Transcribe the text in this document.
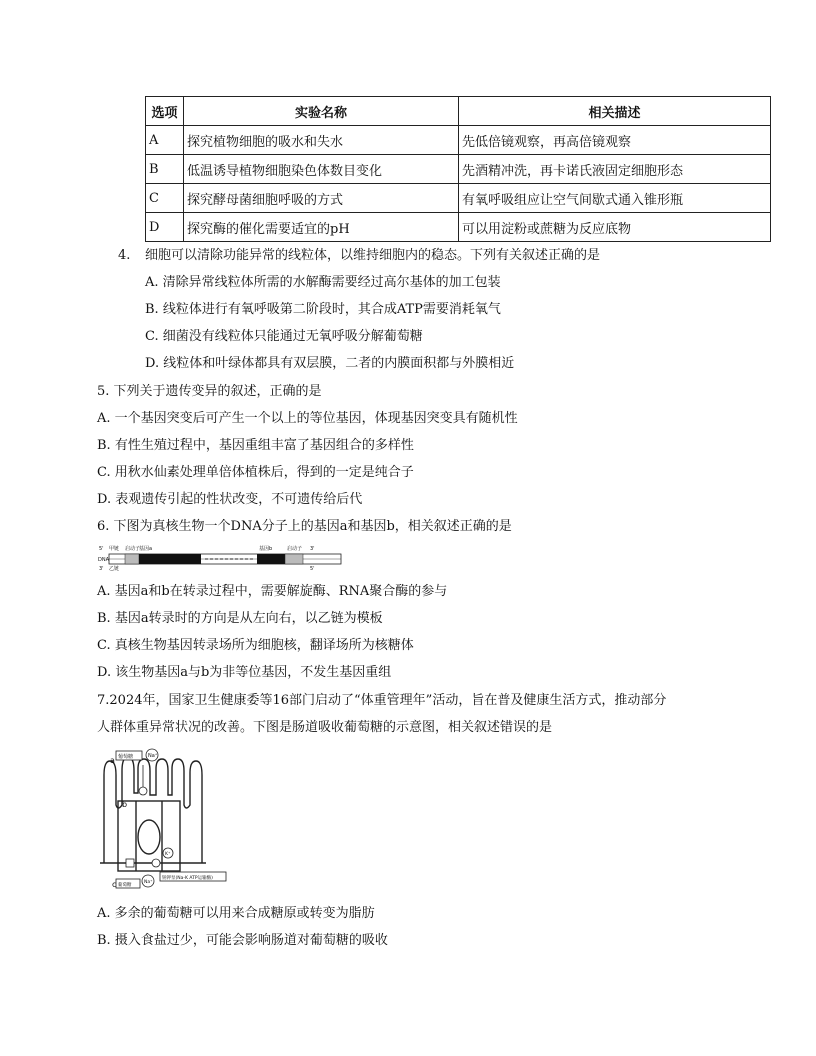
选项	实验名称	相关描述
A	探究植物细胞的吸水和失水	先低倍镜观察，再高倍镜观察
B	低温诱导植物细胞染色体数目变化	先酒精冲洗，再卡诺氏液固定细胞形态
C	探究酵母菌细胞呼吸的方式	有氧呼吸组应让空气间歇式通入锥形瓶
D	探究酶的催化需要适宜的pH	可以用淀粉或蔗糖为反应底物
4. 细胞可以清除功能异常的线粒体，以维持细胞内的稳态。下列有关叙述正确的是
A. 清除异常线粒体所需的水解酶需要经过高尔基体的加工包装
B. 线粒体进行有氧呼吸第二阶段时，其合成ATP需要消耗氧气
C. 细菌没有线粒体只能通过无氧呼吸分解葡萄糖
D. 线粒体和叶绿体都具有双层膜，二者的内膜面积都与外膜相近
5. 下列关于遗传变异的叙述，正确的是
A. 一个基因突变后可产生一个以上的等位基因，体现基因突变具有随机性
B. 有性生殖过程中，基因重组丰富了基因组合的多样性
C. 用秋水仙素处理单倍体植株后，得到的一定是纯合子
D. 表观遗传引起的性状改变，不可遗传给后代
6. 下图为真核生物一个DNA分子上的基因a和基因b，相关叙述正确的是
5' 甲链 启动子
基因a	基因b	启动子 3'
DNA
3' 乙链	5'
A. 基因a和b在转录过程中，需要解旋酶、RNA聚合酶的参与
B. 基因a转录时的方向是从左向右，以乙链为模板
C. 真核生物基因转录场所为细胞核，翻译场所为核糖体
D. 该生物基因a与b为非等位基因，不发生基因重组
7.2024年，国家卫生健康委等16部门启动了“体重管理年”活动，旨在普及健康生活方式，推动部分
人群体重异常状况的改善。下图是肠道吸收葡萄糖的示意图，相关叙述错误的是
葡萄糖	Na⁺
a
b
c
K⁺
Na⁺
葡萄糖
钠钾泵(Na-K ATP运输酶)
A. 多余的葡萄糖可以用来合成糖原或转变为脂肪
B. 摄入食盐过少，可能会影响肠道对葡萄糖的吸收
